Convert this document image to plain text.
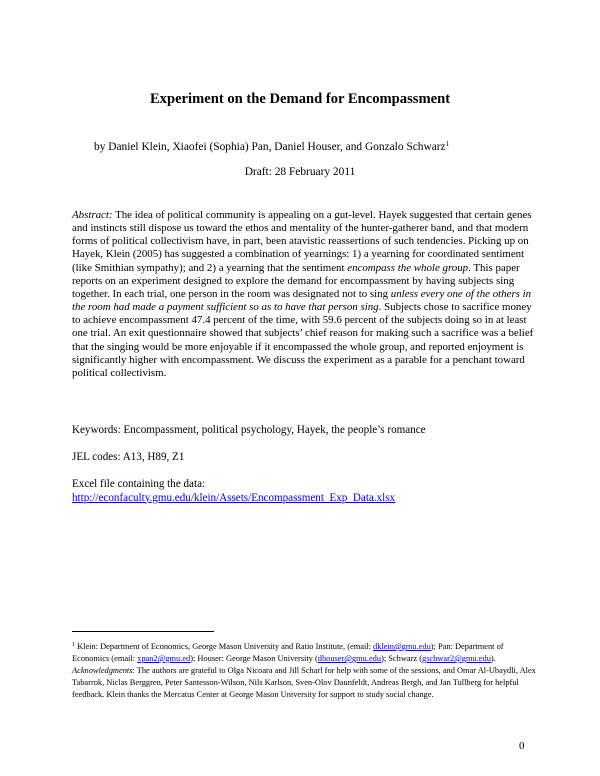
Experiment on the Demand for Encompassment
by Daniel Klein, Xiaofei (Sophia) Pan, Daniel Houser, and Gonzalo Schwarz$^1$
Draft: 28 February 2011

Abstract: The idea of political community is appealing on a gut-level. Hayek suggested that certain genes and instincts still dispose us toward the ethos and mentality of the hunter-gatherer band, and that modern forms of political collectivism have, in part, been atavistic reassertions of such tendencies. Picking up on Hayek, Klein (2005) has suggested a combination of yearnings: 1) a yearning for coordinated sentiment (like Smithian sympathy); and 2) a yearning that the sentiment encompass the whole group. This paper reports on an experiment designed to explore the demand for encompassment by having subjects sing together. In each trial, one person in the room was designated not to sing unless every one of the others in the room had made a payment sufficient so as to have that person sing. Subjects chose to sacrifice money to achieve encompassment 47.4 percent of the time, with 59.6 percent of the subjects doing so in at least one trial. An exit questionnaire showed that subjects’ chief reason for making such a sacrifice was a belief that the singing would be more enjoyable if it encompassed the whole group, and reported enjoyment is significantly higher with encompassment. We discuss the experiment as a parable for a penchant toward political collectivism.

Keywords: Encompassment, political psychology, Hayek, the people’s romance

JEL codes: A13, H89, Z1

Excel file containing the data:
http://econfaculty.gmu.edu/klein/Assets/Encompassment_Exp_Data.xlsx

$^1$ Klein: Department of Economics, George Mason University and Ratio Institute, (email: dklein@gmu.edu); Pan: Department of Economics (email: xpan2@gmu.ed); Houser: George Mason University (dhouser@gmu.edu); Schwarz (gschwar2@gmu.edu). Acknowledgments: The authors are grateful to Olga Nicoara and Jill Scharl for help with some of the sessions, and Omar Al-Ubaydli, Alex Tabarrok, Niclas Berggren, Peter Santesson-Wilson, Nils Karlson, Sven-Olov Daunfeldt, Andreas Bergh, and Jan Tullberg for helpful feedback. Klein thanks the Mercatus Center at George Mason University for support to study social change.

0
